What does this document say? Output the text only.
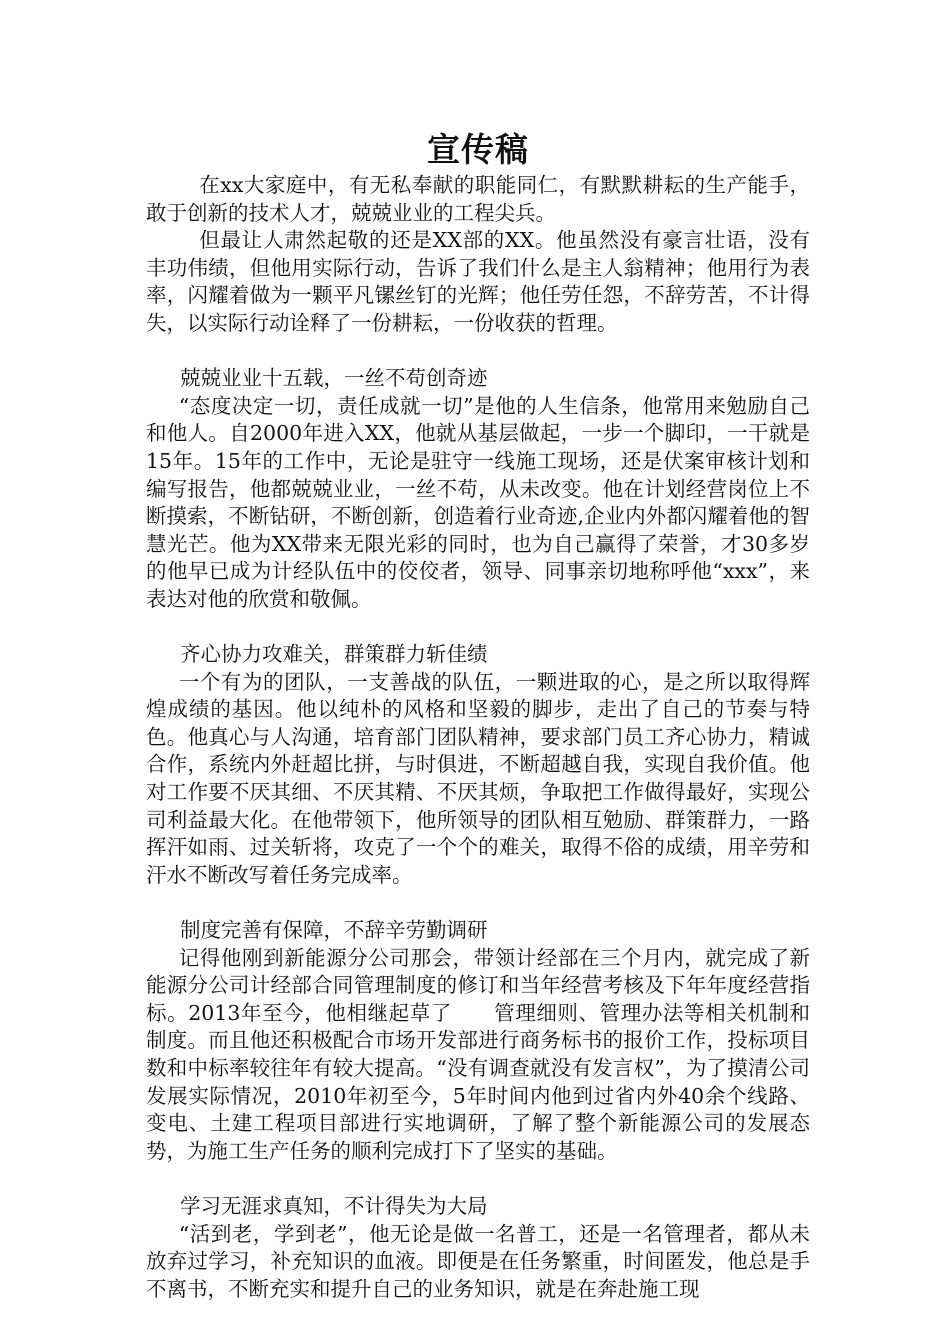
宣传稿

在xx大家庭中，有无私奉献的职能同仁，有默默耕耘的生产能手，敢于创新的技术人才，兢兢业业的工程尖兵。

但最让人肃然起敬的还是XX部的XX。他虽然没有豪言壮语，没有丰功伟绩，但他用实际行动，告诉了我们什么是主人翁精神；他用行为表率，闪耀着做为一颗平凡镙丝钉的光辉；他任劳任怨，不辞劳苦，不计得失，以实际行动诠释了一份耕耘，一份收获的哲理。

兢兢业业十五载，一丝不苟创奇迹

“态度决定一切，责任成就一切”是他的人生信条，他常用来勉励自己和他人。自2000年进入XX，他就从基层做起，一步一个脚印，一干就是15年。15年的工作中，无论是驻守一线施工现场，还是伏案审核计划和编写报告，他都兢兢业业，一丝不苟，从未改变。他在计划经营岗位上不断摸索，不断钻研，不断创新，创造着行业奇迹,企业内外都闪耀着他的智慧光芒。他为XX带来无限光彩的同时，也为自己赢得了荣誉，才30多岁的他早已成为计经队伍中的佼佼者，领导、同事亲切地称呼他“xxx”，来表达对他的欣赏和敬佩。

齐心协力攻难关，群策群力斩佳绩

一个有为的团队，一支善战的队伍，一颗进取的心，是之所以取得辉煌成绩的基因。他以纯朴的风格和坚毅的脚步，走出了自己的节奏与特色。他真心与人沟通，培育部门团队精神，要求部门员工齐心协力，精诚合作，系统内外赶超比拼，与时俱进，不断超越自我，实现自我价值。他对工作要不厌其细、不厌其精、不厌其烦，争取把工作做得最好，实现公司利益最大化。在他带领下，他所领导的团队相互勉励、群策群力，一路挥汗如雨、过关斩将，攻克了一个个的难关，取得不俗的成绩，用辛劳和汗水不断改写着任务完成率。

制度完善有保障，不辞辛劳勤调研

记得他刚到新能源分公司那会，带领计经部在三个月内，就完成了新能源分公司计经部合同管理制度的修订和当年经营考核及下年年度经营指标。2013年至今，他相继起草了　　管理细则、管理办法等相关机制和制度。而且他还积极配合市场开发部进行商务标书的报价工作，投标项目数和中标率较往年有较大提高。“没有调查就没有发言权”，为了摸清公司发展实际情况，2010年初至今，5年时间内他到过省内外40余个线路、变电、土建工程项目部进行实地调研，了解了整个新能源公司的发展态势，为施工生产任务的顺利完成打下了坚实的基础。

学习无涯求真知，不计得失为大局

“活到老，学到老”，他无论是做一名普工，还是一名管理者，都从未放弃过学习，补充知识的血液。即便是在任务繁重，时间匿发，他总是手不离书，不断充实和提升自己的业务知识，就是在奔赴施工现
